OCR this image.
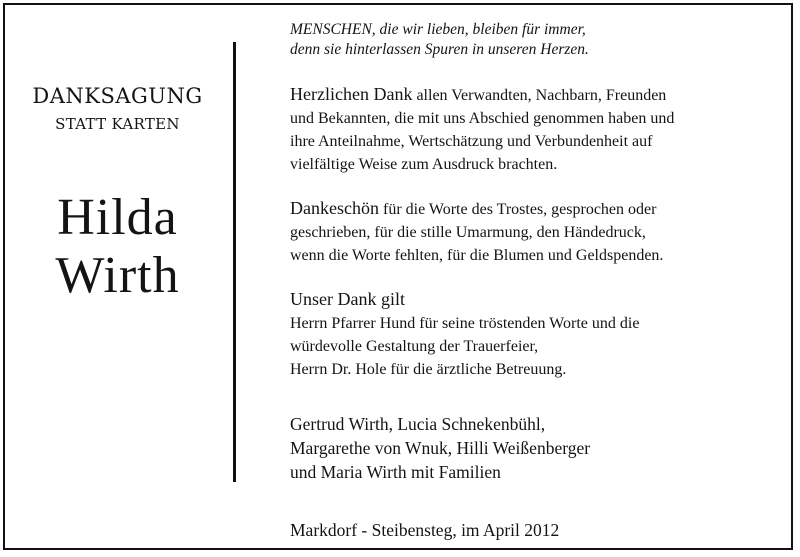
DANKSAGUNG
STATT KARTEN
Hilda
Wirth
MENSCHEN, die wir lieben, bleiben für immer,
denn sie hinterlassen Spuren in unseren Herzen.
Herzlichen Dank allen Verwandten, Nachbarn, Freunden
und Bekannten, die mit uns Abschied genommen haben und
ihre Anteilnahme, Wertschätzung und Verbundenheit auf
vielfältige Weise zum Ausdruck brachten.
Dankeschön für die Worte des Trostes, gesprochen oder
geschrieben, für die stille Umarmung, den Händedruck,
wenn die Worte fehlten, für die Blumen und Geldspenden.
Unser Dank gilt
Herrn Pfarrer Hund für seine tröstenden Worte und die
würdevolle Gestaltung der Trauerfeier,
Herrn Dr. Hole für die ärztliche Betreuung.
Gertrud Wirth, Lucia Schnekenbühl,
Margarethe von Wnuk, Hilli Weißenberger
und Maria Wirth mit Familien
Markdorf - Steibensteg, im April 2012
